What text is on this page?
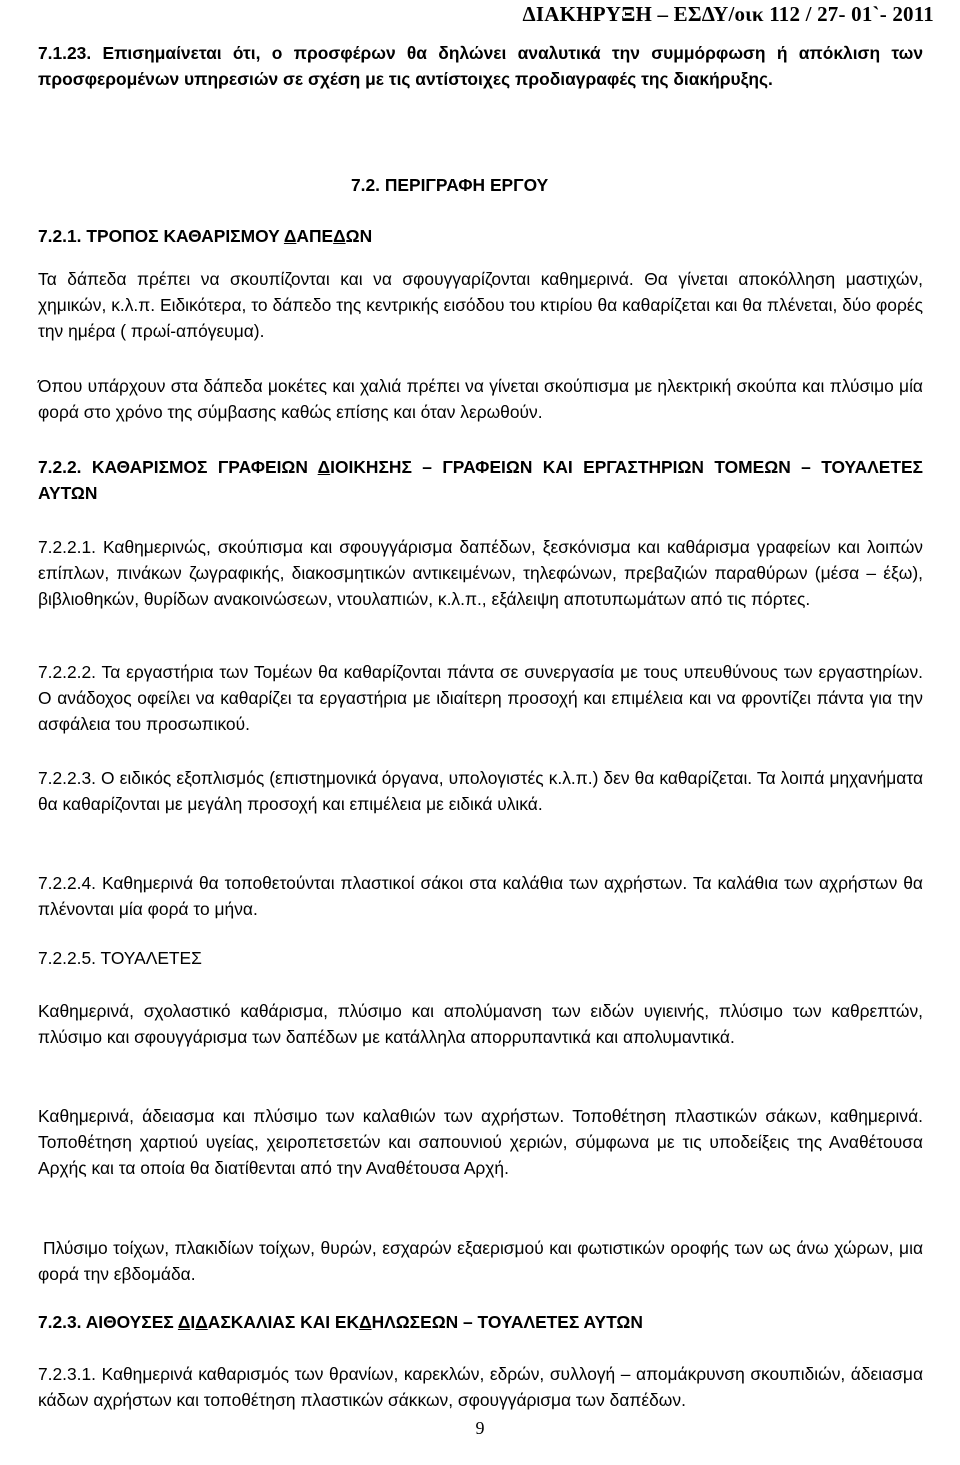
ΔΙΑΚΗΡΥΞΗ – ΕΣΔΥ/οικ 112 / 27- 01`- 2011
7.1.23. Επισημαίνεται ότι, ο προσφέρων θα δηλώνει αναλυτικά την συμμόρφωση ή απόκλιση των προσφερομένων υπηρεσιών σε σχέση με τις αντίστοιχες προδιαγραφές της διακήρυξης.
7.2. ΠΕΡΙΓΡΑΦΗ ΕΡΓΟΥ
7.2.1. ΤΡΟΠΟΣ ΚΑΘΑΡΙΣΜΟΥ ΔΑΠΕΔΩΝ
Τα δάπεδα πρέπει να σκουπίζονται και να σφουγγαρίζονται καθημερινά. Θα γίνεται αποκόλληση μαστιχών, χημικών, κ.λ.π. Ειδικότερα, το δάπεδο της κεντρικής εισόδου του κτιρίου θα καθαρίζεται και θα πλένεται, δύο φορές την ημέρα ( πρωί-απόγευμα).
Όπου υπάρχουν στα δάπεδα μοκέτες και χαλιά πρέπει να γίνεται σκούπισμα με ηλεκτρική σκούπα και πλύσιμο μία φορά στο χρόνο της σύμβασης καθώς επίσης και όταν λερωθούν.
7.2.2. ΚΑΘΑΡΙΣΜΟΣ ΓΡΑΦΕΙΩΝ ΔΙΟΙΚΗΣΗΣ – ΓΡΑΦΕΙΩΝ ΚΑΙ ΕΡΓΑΣΤΗΡΙΩΝ ΤΟΜΕΩΝ – ΤΟΥΑΛΕΤΕΣ ΑΥΤΩΝ
7.2.2.1. Καθημερινώς, σκούπισμα και σφουγγάρισμα δαπέδων, ξεσκόνισμα και καθάρισμα γραφείων και λοιπών επίπλων, πινάκων ζωγραφικής, διακοσμητικών αντικειμένων, τηλεφώνων, πρεβαζιών παραθύρων (μέσα – έξω), βιβλιοθηκών, θυρίδων ανακοινώσεων, ντουλαπιών, κ.λ.π., εξάλειψη αποτυπωμάτων από τις πόρτες.
7.2.2.2. Τα εργαστήρια των Τομέων θα καθαρίζονται πάντα σε συνεργασία με τους υπευθύνους των εργαστηρίων. Ο ανάδοχος οφείλει να καθαρίζει τα εργαστήρια με ιδιαίτερη προσοχή και επιμέλεια και να φροντίζει πάντα για την ασφάλεια του προσωπικού.
7.2.2.3. Ο ειδικός εξοπλισμός (επιστημονικά όργανα, υπολογιστές κ.λ.π.) δεν θα καθαρίζεται. Τα λοιπά μηχανήματα θα καθαρίζονται με μεγάλη προσοχή και επιμέλεια με ειδικά υλικά.
7.2.2.4. Καθημερινά θα τοποθετούνται πλαστικοί σάκοι στα καλάθια των αχρήστων. Τα καλάθια των αχρήστων θα πλένονται μία φορά το μήνα.
7.2.2.5. ΤΟΥΑΛΕΤΕΣ
Καθημερινά, σχολαστικό καθάρισμα, πλύσιμο και απολύμανση των ειδών υγιεινής, πλύσιμο των καθρεπτών, πλύσιμο και σφουγγάρισμα των δαπέδων με κατάλληλα απορρυπαντικά και απολυμαντικά.
Καθημερινά, άδειασμα και πλύσιμο των καλαθιών των αχρήστων. Τοποθέτηση πλαστικών σάκων, καθημερινά. Τοποθέτηση χαρτιού υγείας, χειροπετσετών και σαπουνιού χεριών, σύμφωνα με τις υποδείξεις της Αναθέτουσα Αρχής και τα οποία θα διατίθενται από την Αναθέτουσα Αρχή.
Πλύσιμο τοίχων, πλακιδίων τοίχων, θυρών, εσχαρών εξαερισμού και φωτιστικών οροφής των ως άνω χώρων, μια φορά την εβδομάδα.
7.2.3. ΑΙΘΟΥΣΕΣ ΔΙΔΑΣΚΑΛΙΑΣ ΚΑΙ ΕΚΔΗΛΩΣΕΩΝ – ΤΟΥΑΛΕΤΕΣ ΑΥΤΩΝ
7.2.3.1. Καθημερινά καθαρισμός των θρανίων, καρεκλών, εδρών, συλλογή – απομάκρυνση σκουπιδιών, άδειασμα κάδων αχρήστων και τοποθέτηση πλαστικών σάκκων, σφουγγάρισμα των δαπέδων.
9
